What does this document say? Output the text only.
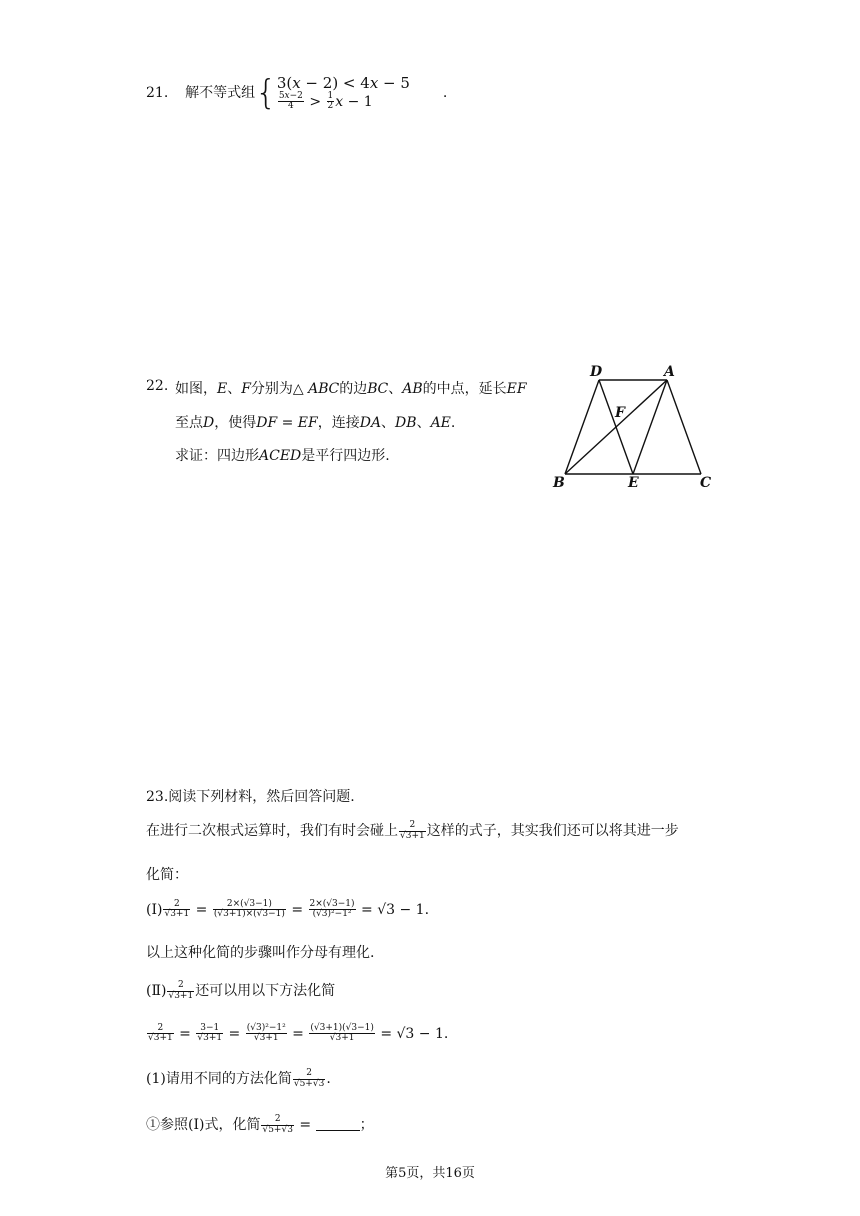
21. 解不等式组{ 3(𝑥 − 2) < 4𝑥 − 5
$\frac{\text{5𝑥−2}}{4} > \frac{1}{2}$ 𝑥 − 1
.
22. 如图，𝐸、𝐹分别为△ 𝐴𝐵𝐶的边𝐵𝐶、𝐴𝐵的中点，延长𝐸𝐹
至点𝐷，使得𝐷𝐹 = 𝐸𝐹，连接𝐷𝐴、𝐷𝐵、𝐴𝐸.
求证：四边形𝐴𝐶𝐸𝐷是平行四边形.
D	A
F
B	E	C
23.阅读下列材料，然后回答问题.
在进行二次根式运算时，我们有时会碰上 $\frac{2}{√3+1}$ 这样的式子，其实我们还可以将其进一步
化简：
(Ⅰ) $\frac{2}{√3+1} = \frac{2\times(√3-1)}{(√3+1)\times(√3-1)} = \frac{2\times(√3-1)}{\text{(√3)²−1²}} = √3 - 1$.
以上这种化简的步骤叫作分母有理化.
(Ⅱ) $\frac{2}{√3+1}$ 还可以用以下方法化简
$\frac{2}{√3+1} = \frac{3-1}{√3+1} = \frac{\text{(√3)²−1²}}{√3+1} = \frac{(√3+1)(√3-1)}{√3+1} = √3 - 1$.
(1)请用不同的方法化简 $\frac{2}{√5+√3}$ .
①参照(Ⅰ)式，化简 $\frac{2}{√5+√3}$ =	；
第5页，共16页
